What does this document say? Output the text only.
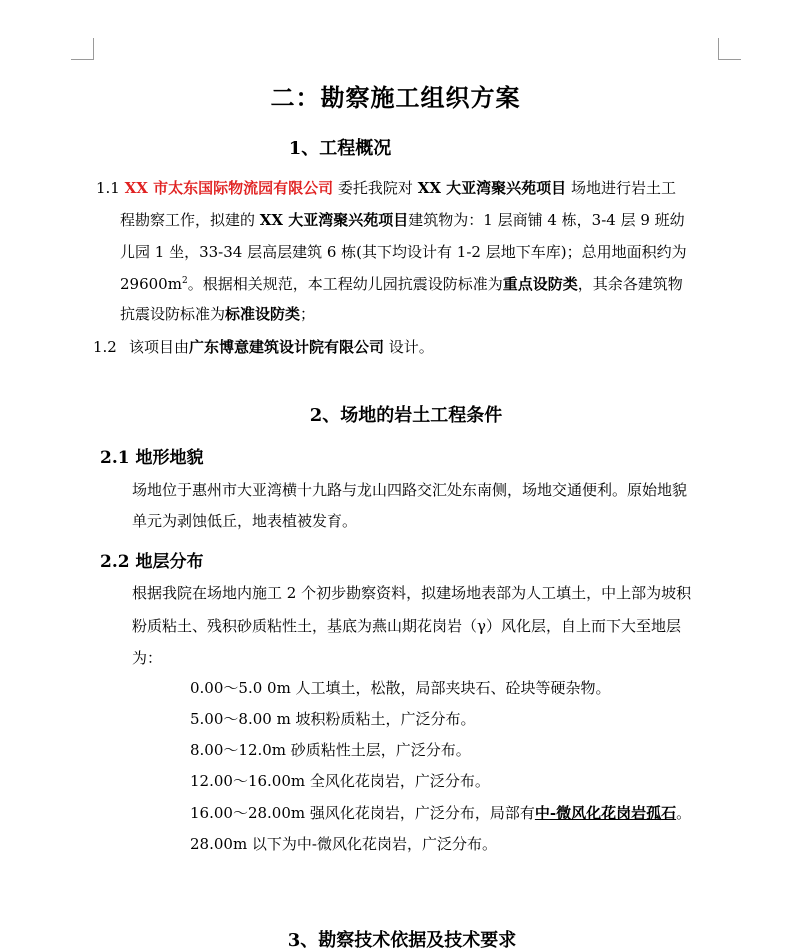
二：勘察施工组织方案
1、工程概况
1.1 XX 市太东国际物流园有限公司 委托我院对 XX 大亚湾聚兴苑项目 场地进行岩土工
程勘察工作，拟建的 XX 大亚湾聚兴苑项目建筑物为：1 层商铺 4 栋，3-4 层 9 班幼
儿园 1 坐，33-34 层高层建筑 6 栋(其下均设计有 1-2 层地下车库)；总用地面积约为
$29600m^2$。根据相关规范，本工程幼儿园抗震设防标准为重点设防类，其余各建筑物
抗震设防标准为标准设防类；
1.2 该项目由广东博意建筑设计院有限公司 设计。
2、场地的岩土工程条件
2.1 地形地貌
场地位于惠州市大亚湾横十九路与龙山四路交汇处东南侧，场地交通便利。原始地貌
单元为剥蚀低丘，地表植被发育。
2.2 地层分布
根据我院在场地内施工 2 个初步勘察资料，拟建场地表部为人工填土，中上部为坡积
粉质粘土、残积砂质粘性土，基底为燕山期花岗岩（γ）风化层，自上而下大至地层
为：
0.00～5.0 0m 人工填土，松散，局部夹块石、砼块等硬杂物。
5.00～8.00 m 坡积粉质粘土，广泛分布。
8.00～12.0m 砂质粘性土层，广泛分布。
12.00～16.00m 全风化花岗岩，广泛分布。
16.00～28.00m 强风化花岗岩，广泛分布，局部有中-微风化花岗岩孤石。
28.00m 以下为中-微风化花岗岩，广泛分布。
3、勘察技术依据及技术要求
